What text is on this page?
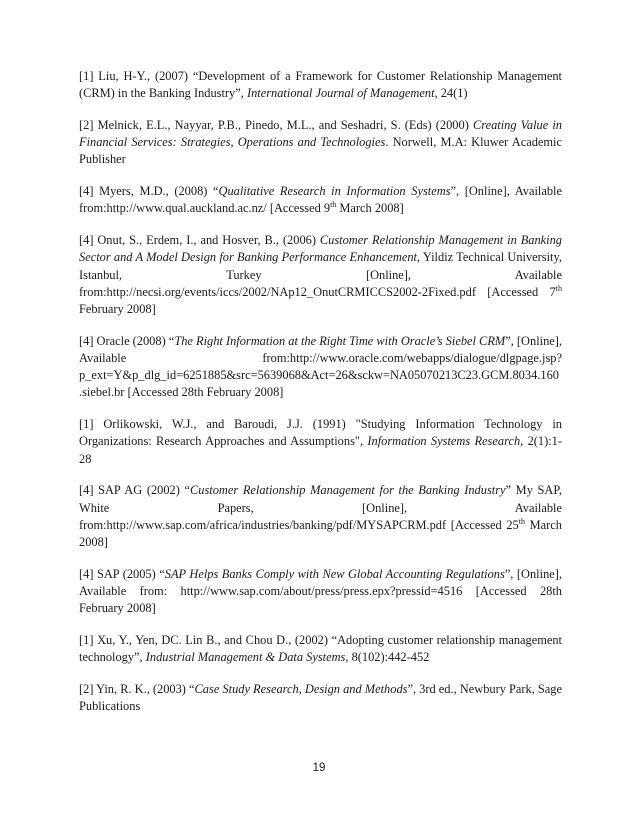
[1] Liu, H-Y., (2007) “Development of a Framework for Customer Relationship Management (CRM) in the Banking Industry”, International Journal of Management, 24(1)

[2] Melnick, E.L., Nayyar, P.B., Pinedo, M.L., and Seshadri, S. (Eds) (2000) Creating Value in Financial Services: Strategies, Operations and Technologies. Norwell, M.A: Kluwer Academic Publisher

[4] Myers, M.D., (2008) “Qualitative Research in Information Systems”, [Online], Available from:http://www.qual.auckland.ac.nz/ [Accessed 9th March 2008]

[4] Onut, S., Erdem, I., and Hosver, B., (2006) Customer Relationship Management in Banking Sector and A Model Design for Banking Performance Enhancement, Yildiz Technical University, Istanbul, Turkey [Online], Available from:http://necsi.org/events/iccs/2002/NAp12_OnutCRMICCS2002-2Fixed.pdf [Accessed 7th February 2008]

[4] Oracle (2008) “The Right Information at the Right Time with Oracle’s Siebel CRM”, [Online], Available from:http://www.oracle.com/webapps/dialogue/dlgpage.jsp?p_ext=Y&p_dlg_id=6251885&src=5639068&Act=26&sckw=NA05070213C23.GCM.8034.160.siebel.br [Accessed 28th February 2008]

[1] Orlikowski, W.J., and Baroudi, J.J. (1991) "Studying Information Technology in Organizations: Research Approaches and Assumptions", Information Systems Research, 2(1):1-28

[4] SAP AG (2002) “Customer Relationship Management for the Banking Industry” My SAP, White Papers, [Online], Available from:http://www.sap.com/africa/industries/banking/pdf/MYSAPCRM.pdf [Accessed 25th March 2008]

[4] SAP (2005) “SAP Helps Banks Comply with New Global Accounting Regulations”, [Online], Available from: http://www.sap.com/about/press/press.epx?pressid=4516 [Accessed 28th February 2008]

[1] Xu, Y., Yen, DC. Lin B., and Chou D., (2002) “Adopting customer relationship management technology”, Industrial Management & Data Systems, 8(102):442-452

[2] Yin, R. K., (2003) “Case Study Research, Design and Methods”, 3rd ed., Newbury Park, Sage Publications

19
